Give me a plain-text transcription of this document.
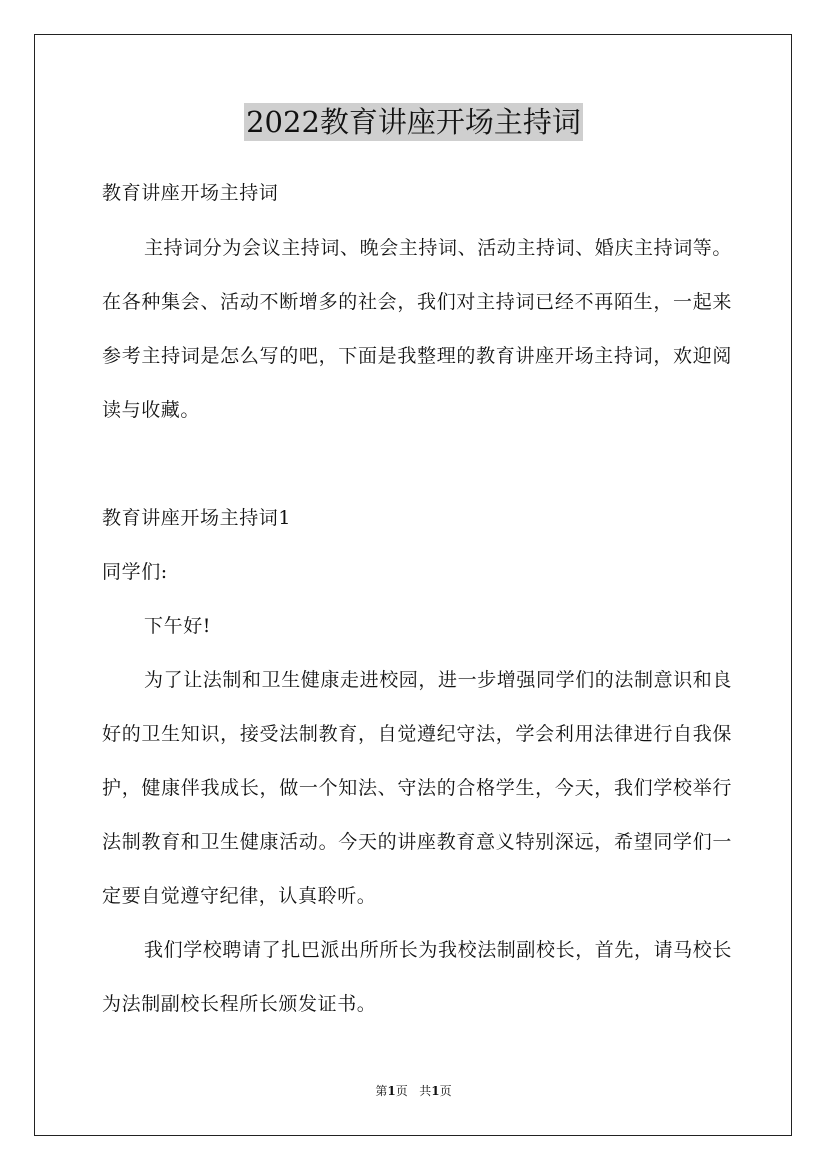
2022教育讲座开场主持词
教育讲座开场主持词
主持词分为会议主持词、晚会主持词、活动主持词、婚庆主持词等。在各种集会、活动不断增多的社会，我们对主持词已经不再陌生，一起来参考主持词是怎么写的吧，下面是我整理的教育讲座开场主持词，欢迎阅读与收藏。
教育讲座开场主持词1
同学们:
下午好!
为了让法制和卫生健康走进校园，进一步增强同学们的法制意识和良好的卫生知识，接受法制教育，自觉遵纪守法，学会利用法律进行自我保护，健康伴我成长，做一个知法、守法的合格学生，今天，我们学校举行法制教育和卫生健康活动。今天的讲座教育意义特别深远，希望同学们一定要自觉遵守纪律，认真聆听。
我们学校聘请了扎巴派出所所长为我校法制副校长，首先，请马校长为法制副校长程所长颁发证书。
第1页 共1页
